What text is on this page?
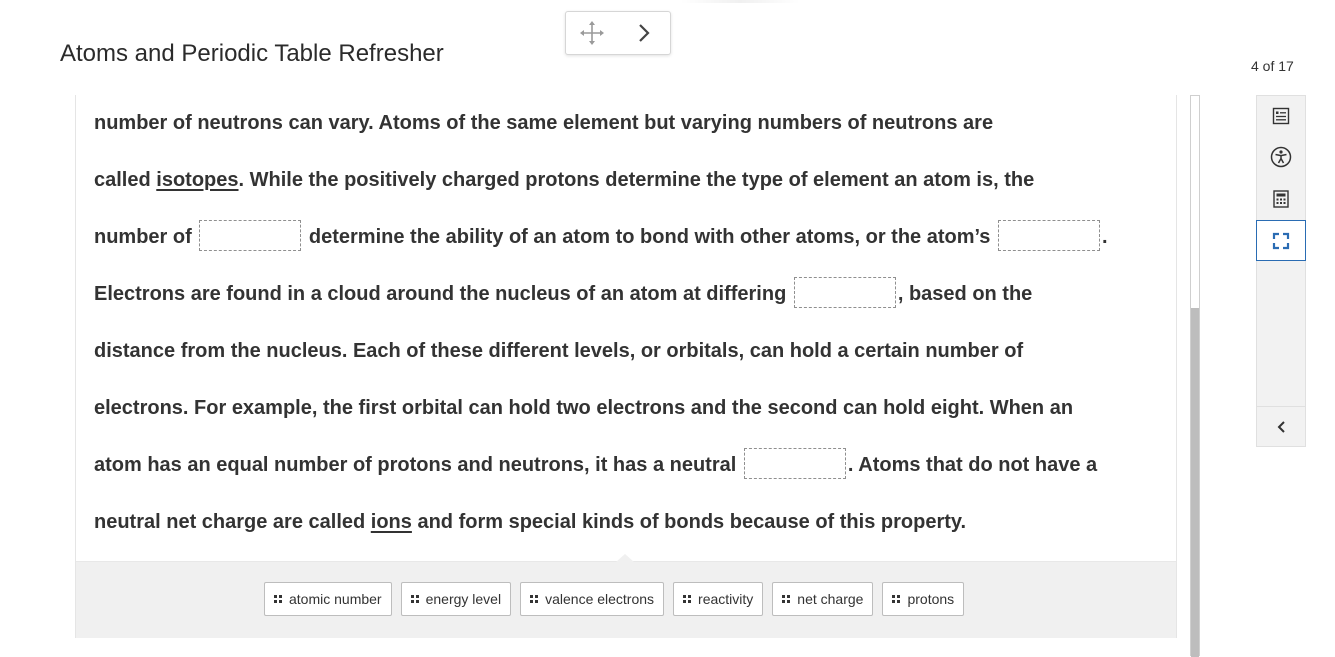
Atoms and Periodic Table Refresher	4 of 17
number of neutrons can vary. Atoms of the same element but varying numbers of neutrons are
called isotopes. While the positively charged protons determine the type of element an atom is, the
number of	determine the ability of an atom to bond with other atoms, or the atom’s	.
Electrons are found in a cloud around the nucleus of an atom at differing	, based on the
distance from the nucleus. Each of these different levels, or orbitals, can hold a certain number of
electrons. For example, the first orbital can hold two electrons and the second can hold eight. When an
atom has an equal number of protons and neutrons, it has a neutral	. Atoms that do not have a
neutral net charge are called ions and form special kinds of bonds because of this property.
atomic number	energy level	valence electrons	reactivity	net charge	protons
